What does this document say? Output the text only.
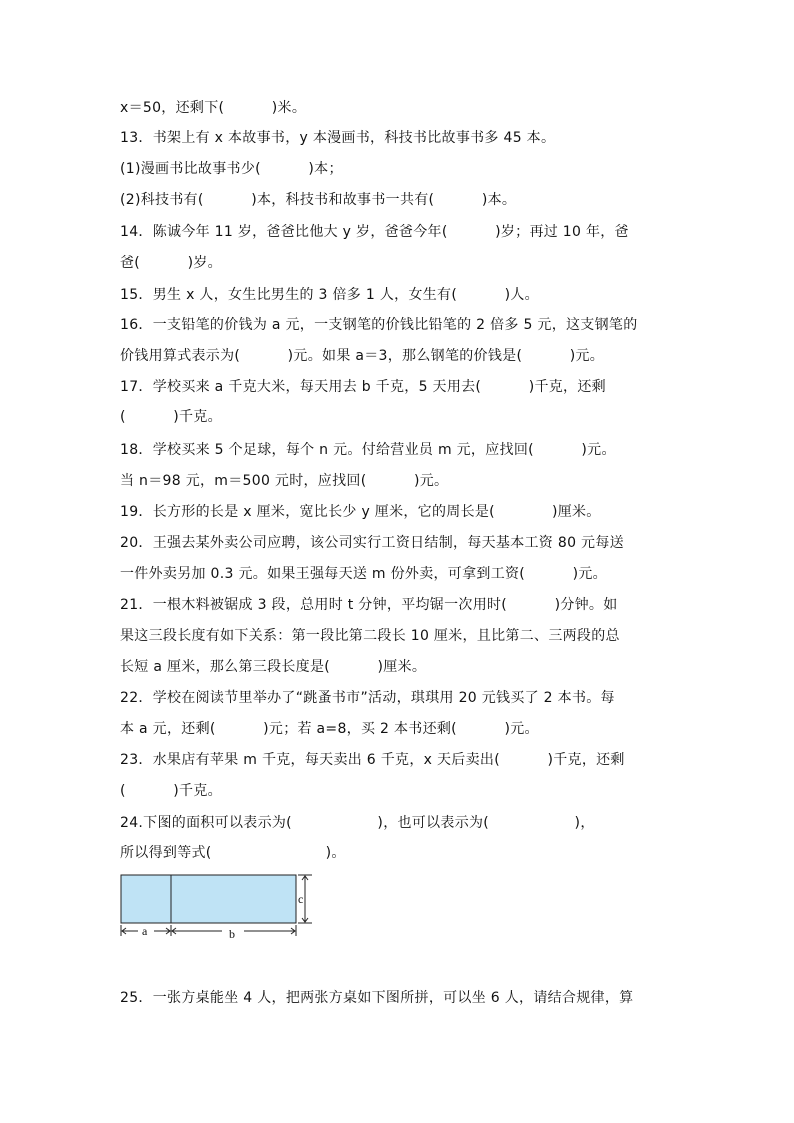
x＝50，还剩下(          )米。
13．书架上有 x 本故事书，y 本漫画书，科技书比故事书多 45 本。
(1)漫画书比故事书少(          )本；
(2)科技书有(          )本，科技书和故事书一共有(          )本。
14．陈诚今年 11 岁，爸爸比他大 y 岁，爸爸今年(          )岁；再过 10 年，爸
爸(          )岁。
15．男生 x 人，女生比男生的 3 倍多 1 人，女生有(          )人。
16．一支铅笔的价钱为 a 元，一支钢笔的价钱比铅笔的 2 倍多 5 元，这支钢笔的
价钱用算式表示为(          )元。如果 a＝3，那么钢笔的价钱是(          )元。
17．学校买来 a 千克大米，每天用去 b 千克，5 天用去(          )千克，还剩
(          )千克。
18．学校买来 5 个足球，每个 n 元。付给营业员 m 元，应找回(          )元。
当 n＝98 元，m＝500 元时，应找回(          )元。
19．长方形的长是 x 厘米，宽比长少 y 厘米，它的周长是(            )厘米。
20．王强去某外卖公司应聘，该公司实行工资日结制，每天基本工资 80 元每送
一件外卖另加 0.3 元。如果王强每天送 m 份外卖，可拿到工资(          )元。
21．一根木料被锯成 3 段，总用时 t 分钟，平均锯一次用时(          )分钟。如
果这三段长度有如下关系：第一段比第二段长 10 厘米，且比第二、三两段的总
长短 a 厘米，那么第三段长度是(          )厘米。
22．学校在阅读节里举办了“跳蚤书市”活动，琪琪用 20 元钱买了 2 本书。每
本 a 元，还剩(          )元；若 a=8，买 2 本书还剩(          )元。
23．水果店有苹果 m 千克，每天卖出 6 千克，x 天后卖出(          )千克，还剩
(          )千克。
24.下图的面积可以表示为(                  )，也可以表示为(                  )，
所以得到等式(                        )。
c
a	b
25．一张方桌能坐 4 人，把两张方桌如下图所拼，可以坐 6 人，请结合规律，算
